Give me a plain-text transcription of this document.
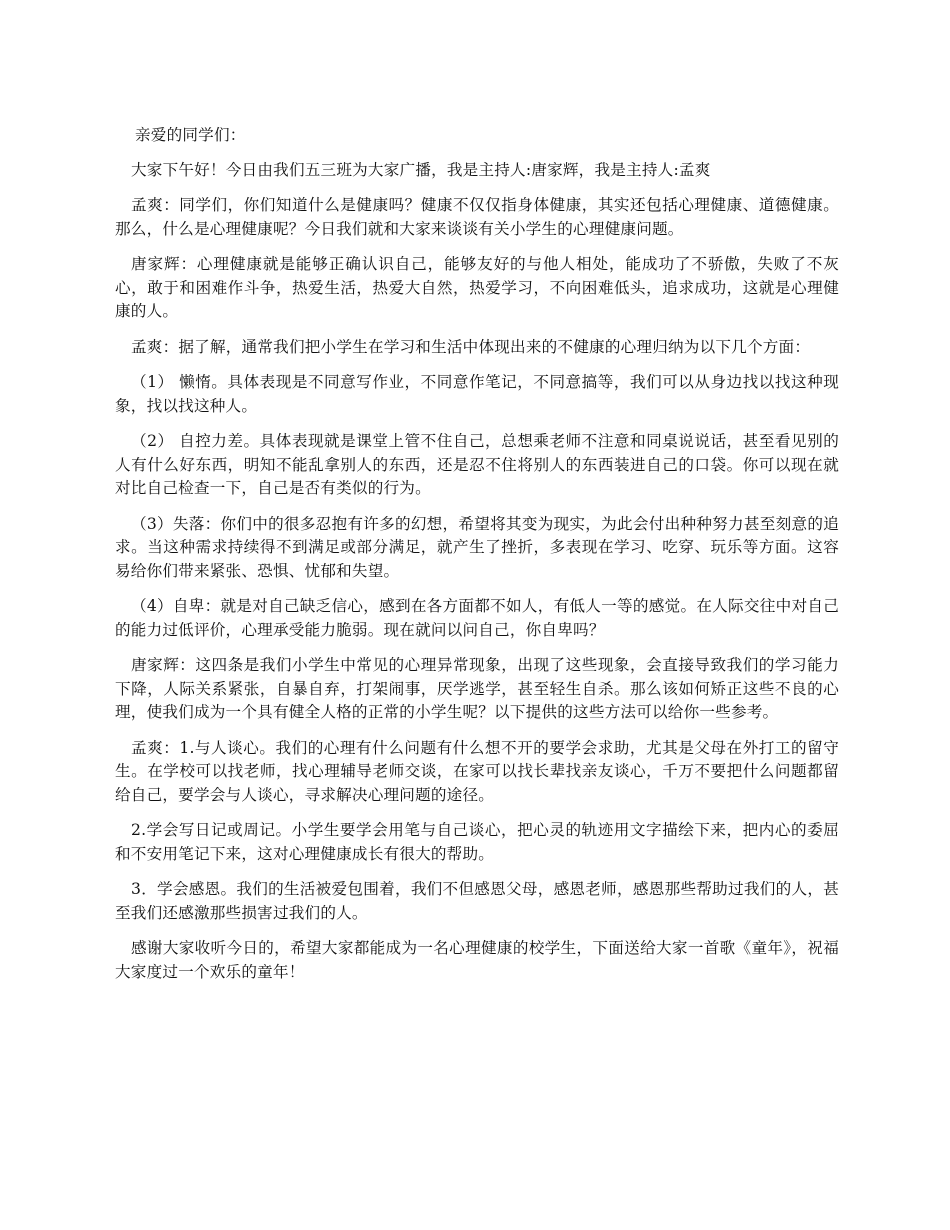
亲爱的同学们：

大家下午好！今日由我们五三班为大家广播，我是主持人:唐家辉，我是主持人:孟爽

孟爽：同学们，你们知道什么是健康吗？健康不仅仅指身体健康，其实还包括心理健康、道德健康。那么，什么是心理健康呢？今日我们就和大家来谈谈有关小学生的心理健康问题。

唐家辉：心理健康就是能够正确认识自己，能够友好的与他人相处，能成功了不骄傲，失败了不灰心，敢于和困难作斗争，热爱生活，热爱大自然，热爱学习，不向困难低头，追求成功，这就是心理健康的人。

孟爽：据了解，通常我们把小学生在学习和生活中体现出来的不健康的心理归纳为以下几个方面：

（1） 懒惰。具体表现是不同意写作业，不同意作笔记，不同意搞等，我们可以从身边找以找这种现象，找以找这种人。

（2） 自控力差。具体表现就是课堂上管不住自己，总想乘老师不注意和同桌说说话，甚至看见别的人有什么好东西，明知不能乱拿别人的东西，还是忍不住将别人的东西装进自己的口袋。你可以现在就对比自己检查一下，自己是否有类似的行为。

（3）失落：你们中的很多忍抱有许多的幻想，希望将其变为现实，为此会付出种种努力甚至刻意的追求。当这种需求持续得不到满足或部分满足，就产生了挫折，多表现在学习、吃穿、玩乐等方面。这容易给你们带来紧张、恐惧、忧郁和失望。

（4）自卑：就是对自己缺乏信心，感到在各方面都不如人，有低人一等的感觉。在人际交往中对自己的能力过低评价，心理承受能力脆弱。现在就问以问自己，你自卑吗？

唐家辉：这四条是我们小学生中常见的心理异常现象，出现了这些现象，会直接导致我们的学习能力下降，人际关系紧张，自暴自弃，打架闹事，厌学逃学，甚至轻生自杀。那么该如何矫正这些不良的心理，使我们成为一个具有健全人格的正常的小学生呢？以下提供的这些方法可以给你一些参考。

孟爽：1.与人谈心。我们的心理有什么问题有什么想不开的要学会求助，尤其是父母在外打工的留守生。在学校可以找老师，找心理辅导老师交谈，在家可以找长辈找亲友谈心，千万不要把什么问题都留给自己，要学会与人谈心，寻求解决心理问题的途径。

2.学会写日记或周记。小学生要学会用笔与自己谈心，把心灵的轨迹用文字描绘下来，把内心的委屈和不安用笔记下来，这对心理健康成长有很大的帮助。

3．学会感恩。我们的生活被爱包围着，我们不但感恩父母，感恩老师，感恩那些帮助过我们的人，甚至我们还感激那些损害过我们的人。

感谢大家收听今日的，希望大家都能成为一名心理健康的校学生，下面送给大家一首歌《童年》，祝福大家度过一个欢乐的童年！
